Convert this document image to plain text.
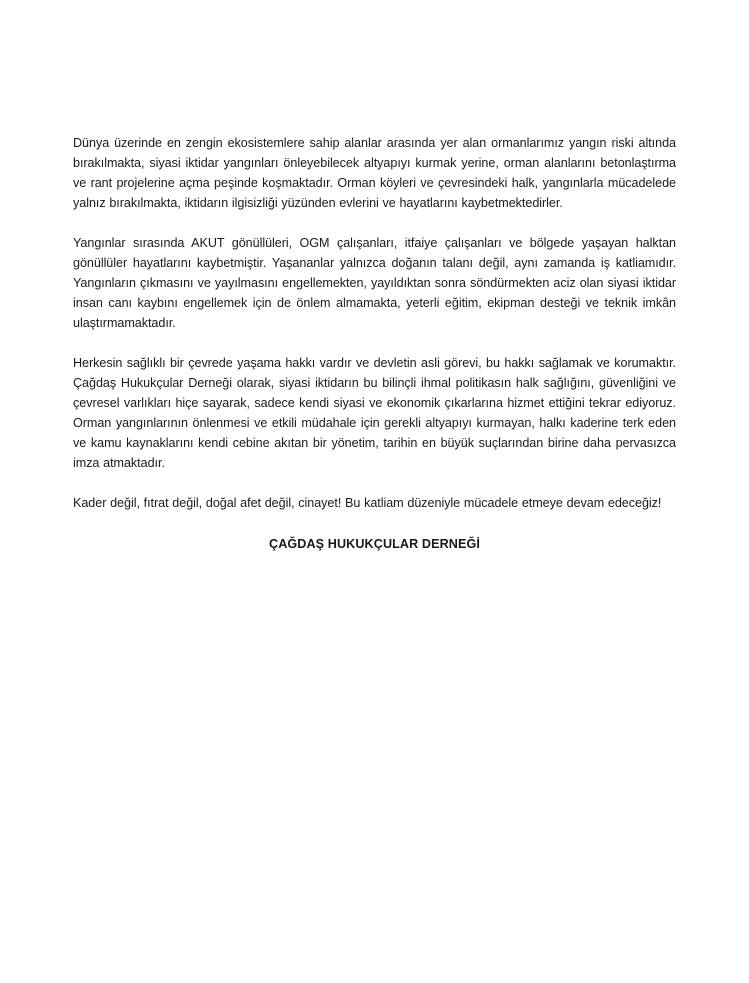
Dünya üzerinde en zengin ekosistemlere sahip alanlar arasında yer alan ormanlarımız yangın riski altında bırakılmakta, siyasi iktidar yangınları önleyebilecek altyapıyı kurmak yerine, orman alanlarını betonlaştırma ve rant projelerine açma peşinde koşmaktadır. Orman köyleri ve çevresindeki halk, yangınlarla mücadelede yalnız bırakılmakta, iktidarın ilgisizliği yüzünden evlerini ve hayatlarını kaybetmektedirler.

Yangınlar sırasında AKUT gönüllüleri, OGM çalışanları, itfaiye çalışanları ve bölgede yaşayan halktan gönüllüler hayatlarını kaybetmiştir. Yaşananlar yalnızca doğanın talanı değil, aynı zamanda iş katliamıdır. Yangınların çıkmasını ve yayılmasını engellemekten, yayıldıktan sonra söndürmekten aciz olan siyasi iktidar insan canı kaybını engellemek için de önlem almamakta, yeterli eğitim, ekipman desteği ve teknik imkân ulaştırmamaktadır.

Herkesin sağlıklı bir çevrede yaşama hakkı vardır ve devletin asli görevi, bu hakkı sağlamak ve korumaktır. Çağdaş Hukukçular Derneği olarak, siyasi iktidarın bu bilinçli ihmal politikasın halk sağlığını, güvenliğini ve çevresel varlıkları hiçe sayarak, sadece kendi siyasi ve ekonomik çıkarlarına hizmet ettiğini tekrar ediyoruz. Orman yangınlarının önlenmesi ve etkili müdahale için gerekli altyapıyı kurmayan, halkı kaderine terk eden ve kamu kaynaklarını kendi cebine akıtan bir yönetim, tarihin en büyük suçlarından birine daha pervasızca imza atmaktadır.

Kader değil, fıtrat değil, doğal afet değil, cinayet! Bu katliam düzeniyle mücadele etmeye devam edeceğiz!

ÇAĞDAŞ HUKUKÇULAR DERNEĞİ
